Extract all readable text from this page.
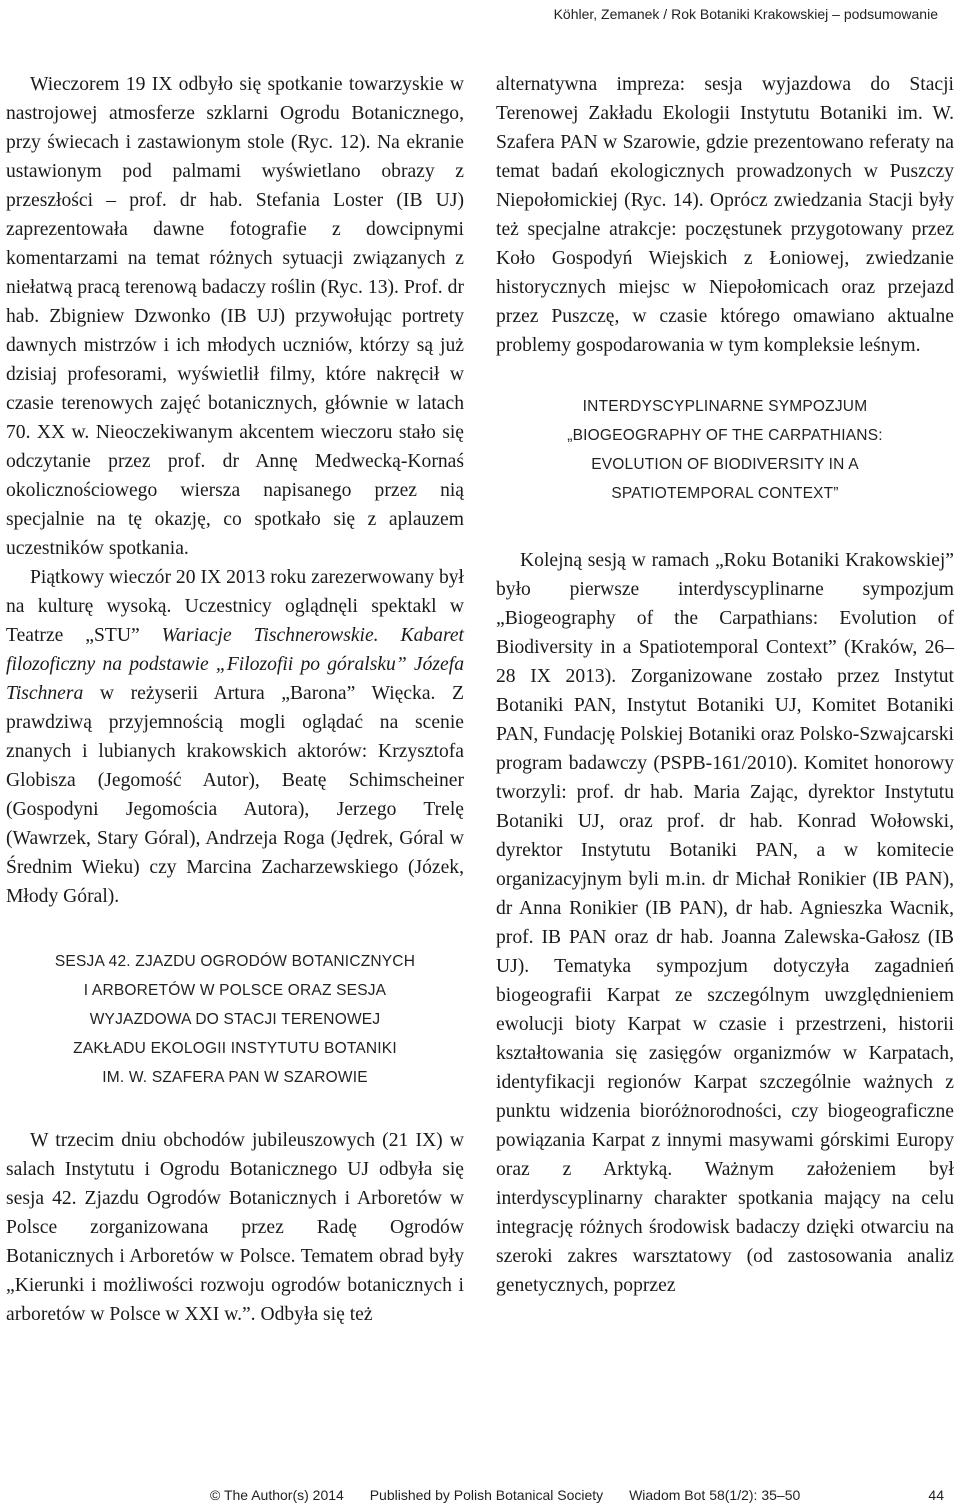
Köhler, Zemanek / Rok Botaniki Krakowskiej – podsumowanie

Wieczorem 19 IX odbyło się spotkanie towarzyskie w nastrojowej atmosferze szklarni Ogrodu Botanicznego, przy świecach i zastawionym stole (Ryc. 12). Na ekranie ustawionym pod palmami wyświetlano obrazy z przeszłości – prof. dr hab. Stefania Loster (IB UJ) zaprezentowała dawne fotografie z dowcipnymi komentarzami na temat różnych sytuacji związanych z niełatwą pracą terenową badaczy roślin (Ryc. 13). Prof. dr hab. Zbigniew Dzwonko (IB UJ) przywołując portrety dawnych mistrzów i ich młodych uczniów, którzy są już dzisiaj profesorami, wyświetlił filmy, które nakręcił w czasie terenowych zajęć botanicznych, głównie w latach 70. XX w. Nieoczekiwanym akcentem wieczoru stało się odczytanie przez prof. dr Annę Medwecką-Kornaś okolicznościowego wiersza napisanego przez nią specjalnie na tę okazję, co spotkało się z aplauzem uczestników spotkania.

Piątkowy wieczór 20 IX 2013 roku zarezerwowany był na kulturę wysoką. Uczestnicy oglądnęli spektakl w Teatrze „STU” Wariacje Tischnerowskie. Kabaret filozoficzny na podstawie „Filozofii po góralsku” Józefa Tischnera w reżyserii Artura „Barona” Więcka. Z prawdziwą przyjemnością mogli oglądać na scenie znanych i lubianych krakowskich aktorów: Krzysztofa Globisza (Jegomość Autor), Beatę Schimscheiner (Gospodyni Jegomościa Autora), Jerzego Trelę (Wawrzek, Stary Góral), Andrzeja Roga (Jędrek, Góral w Średnim Wieku) czy Marcina Zacharzewskiego (Józek, Młody Góral).

SESJA 42. ZJAZDU OGRODÓW BOTANICZNYCH
I ARBORETÓW W POLSCE ORAZ SESJA
WYJAZDOWA DO STACJI TERENOWEJ
ZAKŁADU EKOLOGII INSTYTUTU BOTANIKI
IM. W. SZAFERA PAN W SZAROWIE

W trzecim dniu obchodów jubileuszowych (21 IX) w salach Instytutu i Ogrodu Botanicznego UJ odbyła się sesja 42. Zjazdu Ogrodów Botanicznych i Arboretów w Polsce zorganizowana przez Radę Ogrodów Botanicznych i Arboretów w Polsce. Tematem obrad były „Kierunki i możliwości rozwoju ogrodów botanicznych i arboretów w Polsce w XXI w.”. Odbyła się też

alternatywna impreza: sesja wyjazdowa do Stacji Terenowej Zakładu Ekologii Instytutu Botaniki im. W. Szafera PAN w Szarowie, gdzie prezentowano referaty na temat badań ekologicznych prowadzonych w Puszczy Niepołomickiej (Ryc. 14). Oprócz zwiedzania Stacji były też specjalne atrakcje: poczęstunek przygotowany przez Koło Gospodyń Wiejskich z Łoniowej, zwiedzanie historycznych miejsc w Niepołomicach oraz przejazd przez Puszczę, w czasie którego omawiano aktualne problemy gospodarowania w tym kompleksie leśnym.

INTERDYSCYPLINARNE SYMPOZJUM
„BIOGEOGRAPHY OF THE CARPATHIANS:
EVOLUTION OF BIODIVERSITY IN A
SPATIOTEMPORAL CONTEXT”

Kolejną sesją w ramach „Roku Botaniki Krakowskiej” było pierwsze interdyscyplinarne sympozjum „Biogeography of the Carpathians: Evolution of Biodiversity in a Spatiotemporal Context” (Kraków, 26–28 IX 2013). Zorganizowane zostało przez Instytut Botaniki PAN, Instytut Botaniki UJ, Komitet Botaniki PAN, Fundację Polskiej Botaniki oraz Polsko-Szwajcarski program badawczy (PSPB-161/2010). Komitet honorowy tworzyli: prof. dr hab. Maria Zając, dyrektor Instytutu Botaniki UJ, oraz prof. dr hab. Konrad Wołowski, dyrektor Instytutu Botaniki PAN, a w komitecie organizacyjnym byli m.in. dr Michał Ronikier (IB PAN), dr Anna Ronikier (IB PAN), dr hab. Agnieszka Wacnik, prof. IB PAN oraz dr hab. Joanna Zalewska-Gałosz (IB UJ). Tematyka sympozjum dotyczyła zagadnień biogeografii Karpat ze szczególnym uwzględnieniem ewolucji bioty Karpat w czasie i przestrzeni, historii kształtowania się zasięgów organizmów w Karpatach, identyfikacji regionów Karpat szczególnie ważnych z punktu widzenia bioróżnorodności, czy biogeograficzne powiązania Karpat z innymi masywami górskimi Europy oraz z Arktyką. Ważnym założeniem był interdyscyplinarny charakter spotkania mający na celu integrację różnych środowisk badaczy dzięki otwarciu na szeroki zakres warsztatowy (od zastosowania analiz genetycznych, poprzez

© The Author(s) 2014 Published by Polish Botanical Society Wiadom Bot 58(1/2): 35–50	44
